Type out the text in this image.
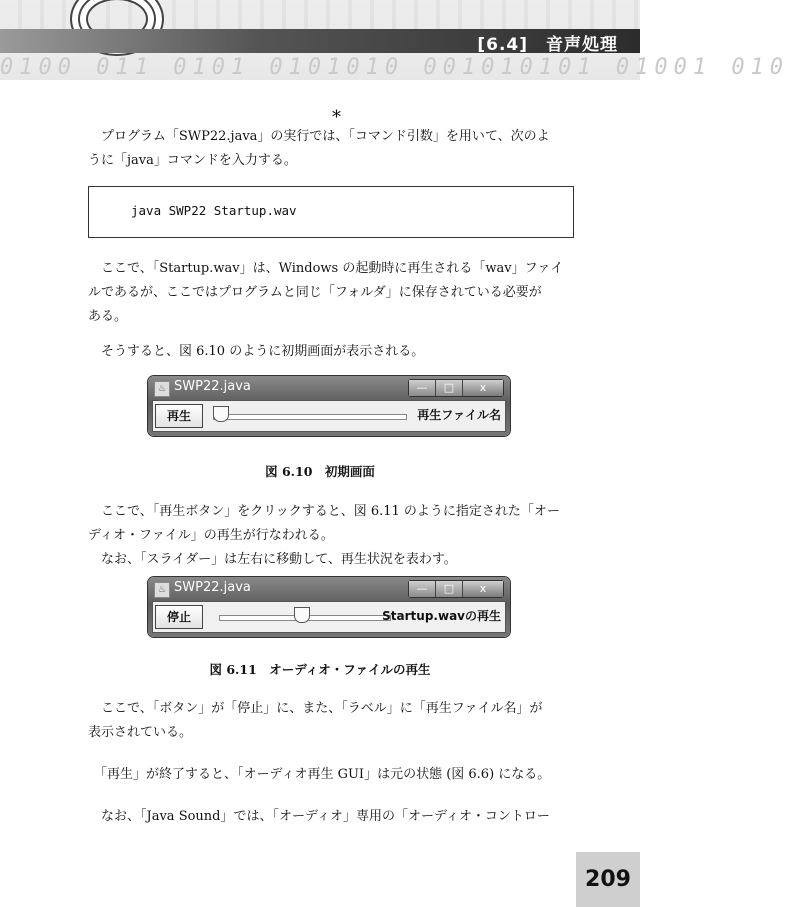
[6.4]　音声処理
0100 011 0101 0101010 001010101 01001 010
*
プログラム「SWP22.java」の実行では、「コマンド引数」を用いて、次のよ
うに「java」コマンドを入力する。
java SWP22 Startup.wav
ここで、「Startup.wav」は、Windows の起動時に再生される「wav」ファイ
ルであるが、ここではプログラムと同じ「フォルダ」に保存されている必要が
ある。
そうすると、図 6.10 のように初期画面が表示される。
♨ SWP22.java	—	□	x
再生	再生ファイル名
図 6.10　初期画面
ここで、「再生ボタン」をクリックすると、図 6.11 のように指定された「オー
ディオ・ファイル」の再生が行なわれる。
なお、「スライダー」は左右に移動して、再生状況を表わす。
♨ SWP22.java	—	□	x
停止	Startup.wavの再生
図 6.11　オーディオ・ファイルの再生
ここで、「ボタン」が「停止」に、また、「ラベル」に「再生ファイル名」が
表示されている。
「再生」が終了すると、「オーディオ再生 GUI」は元の状態 (図 6.6) になる。
なお、「Java Sound」では、「オーディオ」専用の「オーディオ・コントロー
209
